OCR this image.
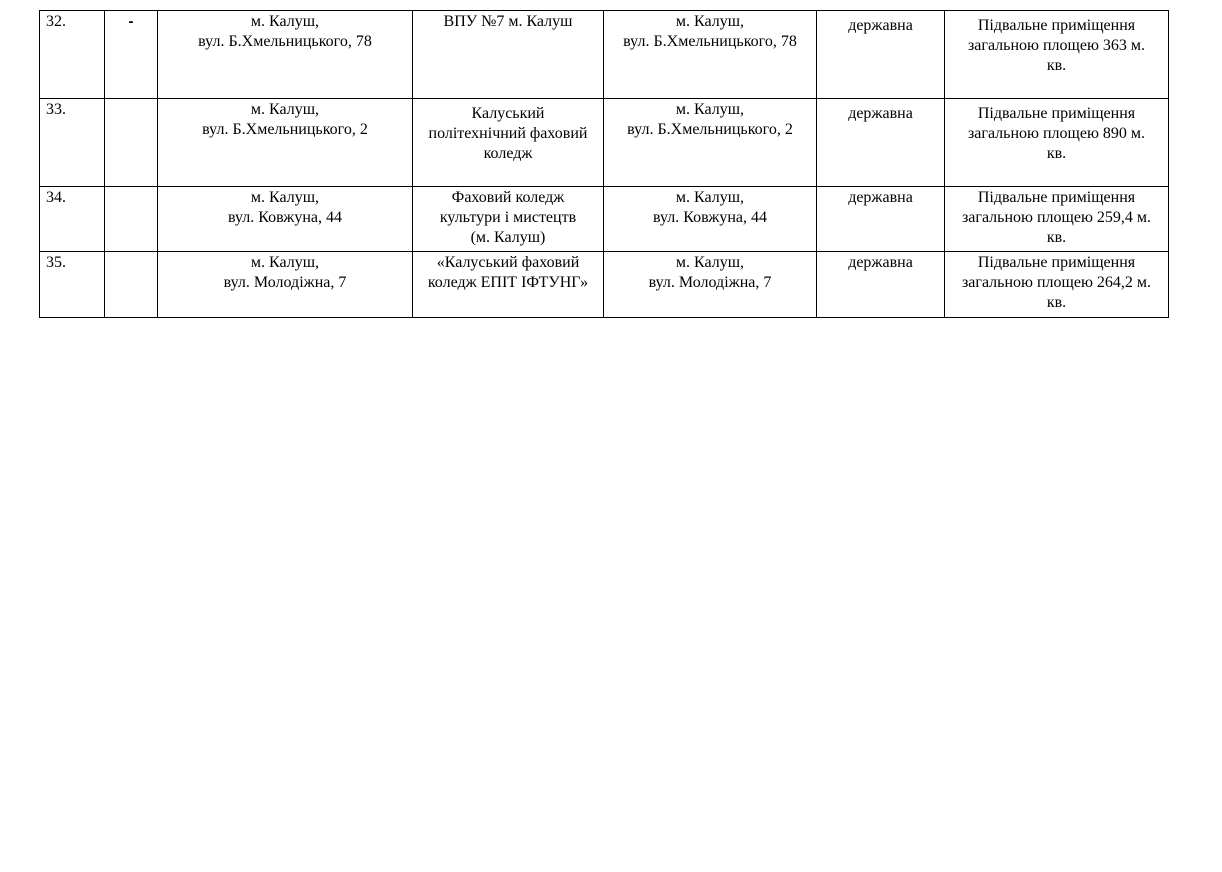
32.	-	м. Калуш,
вул. Б.Хмельницького, 78	ВПУ №7 м. Калуш	м. Калуш,
вул. Б.Хмельницького, 78	державна	Підвальне приміщення
загальною площею 363 м.
кв.

33.		м. Калуш,
вул. Б.Хмельницького, 2	Калуський
політехнічний фаховий
коледж	м. Калуш,
вул. Б.Хмельницького, 2	державна	Підвальне приміщення
загальною площею 890 м.
кв.

34.		м. Калуш,
вул. Ковжуна, 44	Фаховий коледж
культури і мистецтв
(м. Калуш)	м. Калуш,
вул. Ковжуна, 44	державна	Підвальне приміщення
загальною площею 259,4 м.
кв.

35.		м. Калуш,
вул. Молодіжна, 7	«Калуський фаховий
коледж ЕПІТ ІФТУНГ»	м. Калуш,
вул. Молодіжна, 7	державна	Підвальне приміщення
загальною площею 264,2 м.
кв.
